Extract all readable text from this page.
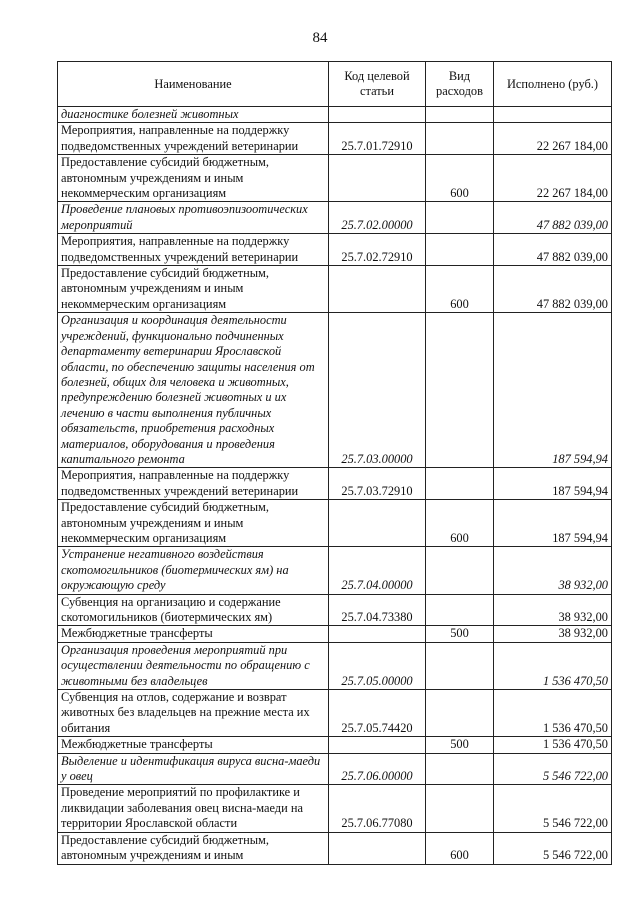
84
Наименование	Код целевой статьи	Вид расходов	Исполнено (руб.)
диагностике болезней животных			
Мероприятия, направленные на поддержку подведомственных учреждений ветеринарии	25.7.01.72910		22 267 184,00
Предоставление субсидий бюджетным, автономным учреждениям и иным некоммерческим организациям		600	22 267 184,00
Проведение плановых противоэпизоотических мероприятий	25.7.02.00000		47 882 039,00
Мероприятия, направленные на поддержку подведомственных учреждений ветеринарии	25.7.02.72910		47 882 039,00
Предоставление субсидий бюджетным, автономным учреждениям и иным некоммерческим организациям		600	47 882 039,00
Организация и координация деятельности учреждений, функционально подчиненных департаменту ветеринарии Ярославской области, по обеспечению защиты населения от болезней, общих для человека и животных, предупреждению болезней животных и их лечению в части выполнения публичных обязательств, приобретения расходных материалов, оборудования и проведения капитального ремонта	25.7.03.00000		187 594,94
Мероприятия, направленные на поддержку подведомственных учреждений ветеринарии	25.7.03.72910		187 594,94
Предоставление субсидий бюджетным, автономным учреждениям и иным некоммерческим организациям		600	187 594,94
Устранение негативного воздействия скотомогильников (биотермических ям) на окружающую среду	25.7.04.00000		38 932,00
Субвенция на организацию и содержание скотомогильников (биотермических ям)	25.7.04.73380		38 932,00
Межбюджетные трансферты		500	38 932,00
Организация проведения мероприятий при осуществлении деятельности по обращению с животными без владельцев	25.7.05.00000		1 536 470,50
Субвенция на отлов, содержание и возврат животных без владельцев на прежние места их обитания	25.7.05.74420		1 536 470,50
Межбюджетные трансферты		500	1 536 470,50
Выделение и идентификация вируса висна-маеди у овец	25.7.06.00000		5 546 722,00
Проведение мероприятий по профилактике и ликвидации заболевания овец висна-маеди на территории Ярославской области	25.7.06.77080		5 546 722,00
Предоставление субсидий бюджетным, автономным учреждениям и иным		600	5 546 722,00
